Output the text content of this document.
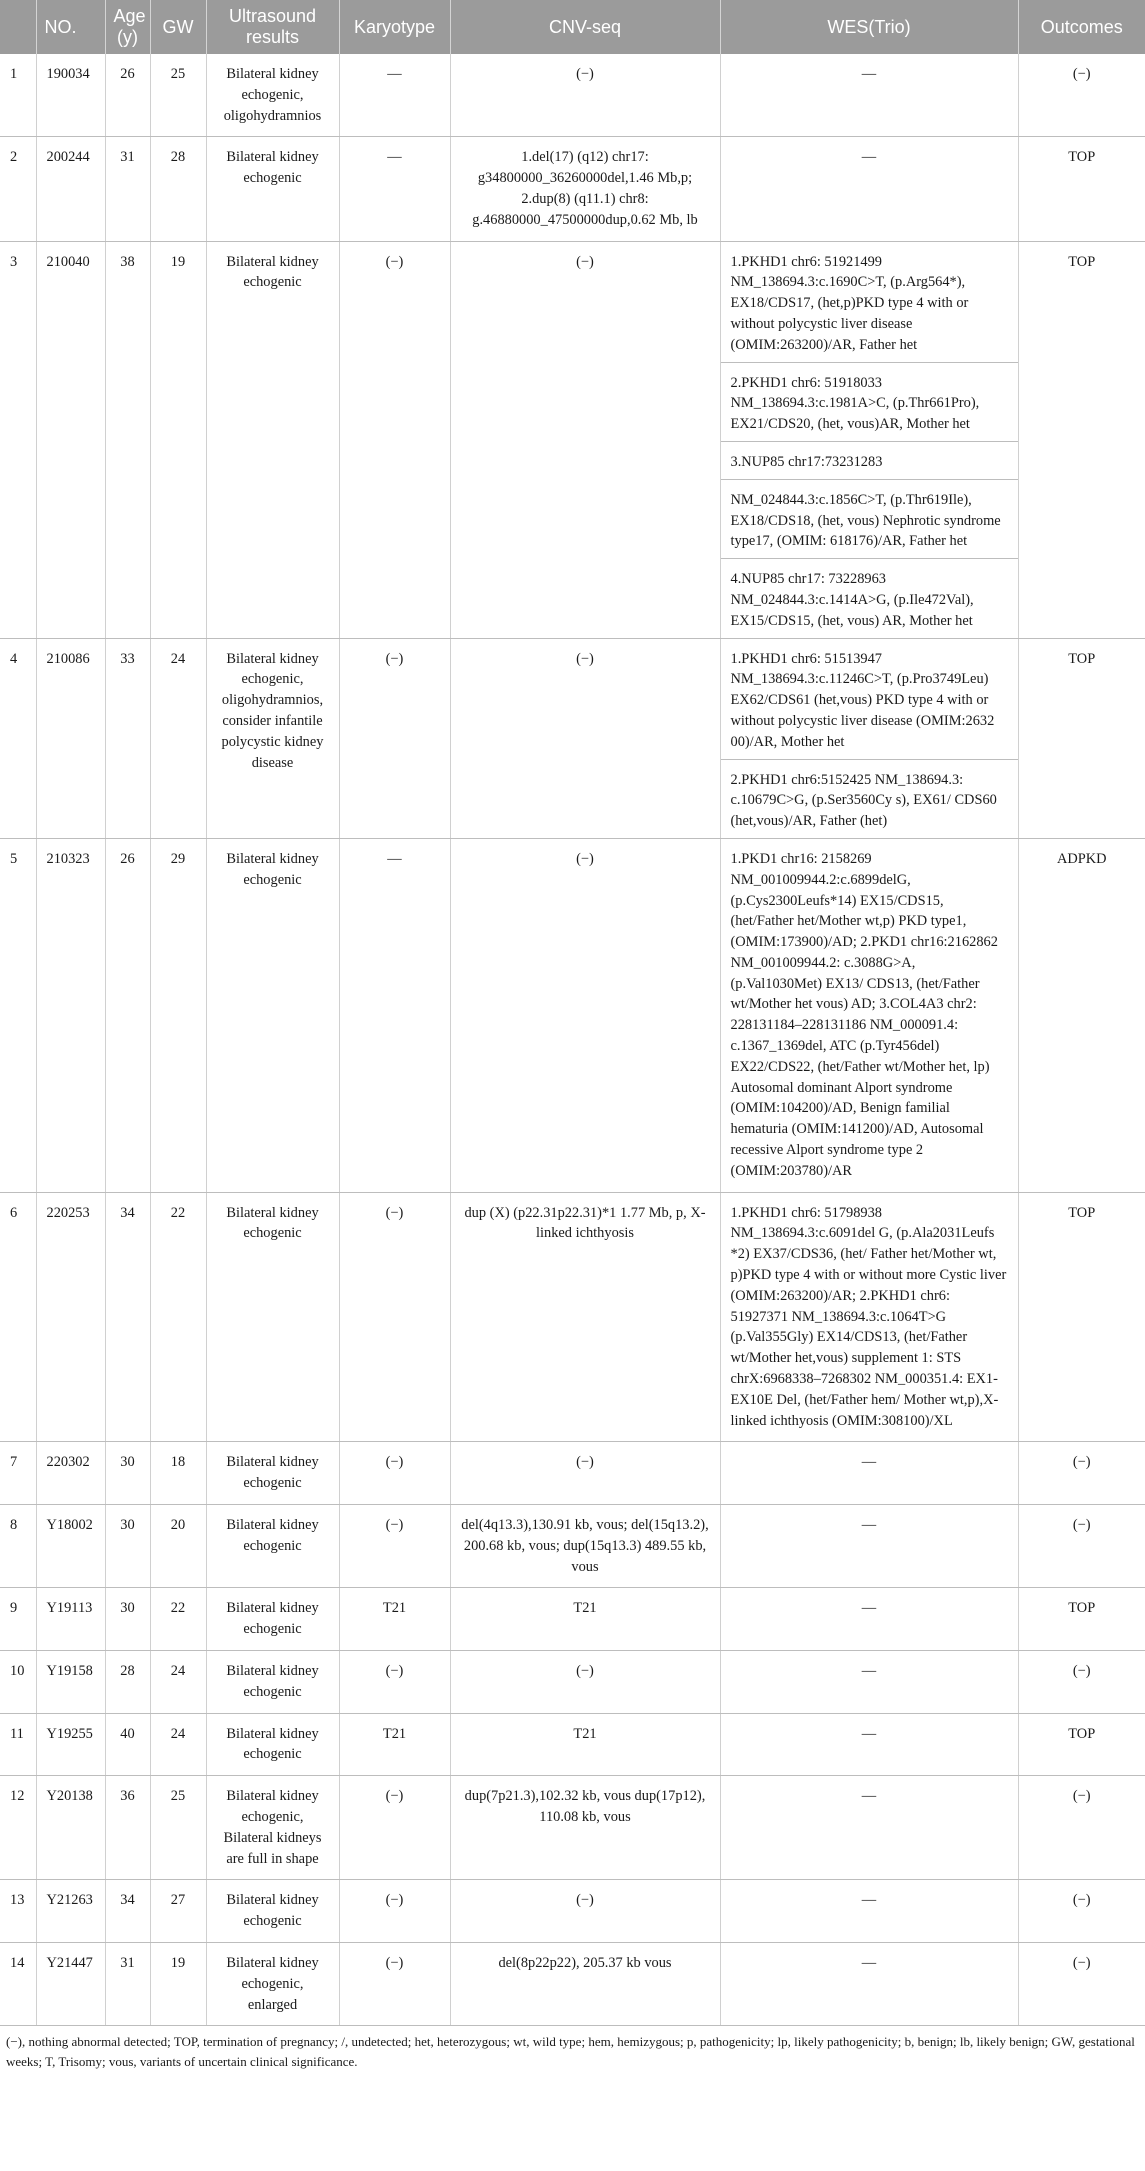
	NO.	Age (y)	GW	Ultrasound results	Karyotype	CNV-seq	WES(Trio)	Outcomes
1	190034	26	25	Bilateral kidney echogenic, oligohydramnios	—	(−)	—	(−)
2	200244	31	28	Bilateral kidney echogenic	—	1.del(17) (q12) chr17: g34800000_36260000del,1.46 Mb,p; 2.dup(8) (q11.1) chr8: g.46880000_47500000dup,0.62 Mb, lb	—	TOP
3	210040	38	19	Bilateral kidney echogenic	(−)	(−)	1.PKHD1 chr6: 51921499 NM_138694.3:c.1690C>T, (p.Arg564*), EX18/CDS17, (het,p)PKD type 4 with or without polycystic liver disease (OMIM:263200)/AR, Father het
2.PKHD1 chr6: 51918033 NM_138694.3:c.1981A>C, (p.Thr661Pro), EX21/CDS20, (het, vous)AR, Mother het
3.NUP85 chr17:73231283
NM_024844.3:c.1856C>T, (p.Thr619Ile), EX18/CDS18, (het, vous) Nephrotic syndrome type17, (OMIM: 618176)/AR, Father het
4.NUP85 chr17: 73228963 NM_024844.3:c.1414A>G, (p.Ile472Val), EX15/CDS15, (het, vous) AR, Mother het	TOP
4	210086	33	24	Bilateral kidney echogenic, oligohydramnios, consider infantile polycystic kidney disease	(−)	(−)	1.PKHD1 chr6: 51513947 NM_138694.3:c.11246C>T, (p.Pro3749Leu) EX62/CDS61 (het,vous) PKD type 4 with or without polycystic liver disease (OMIM:2632 00)/AR, Mother het
2.PKHD1 chr6:5152425 NM_138694.3: c.10679C>G, (p.Ser3560Cy s), EX61/ CDS60 (het,vous)/AR, Father (het)	TOP
5	210323	26	29	Bilateral kidney echogenic	—	(−)	1.PKD1 chr16: 2158269 NM_001009944.2:c.6899delG, (p.Cys2300Leufs*14) EX15/CDS15, (het/Father het/Mother wt,p) PKD type1, (OMIM:173900)/AD; 2.PKD1 chr16:2162862 NM_001009944.2: c.3088G>A, (p.Val1030Met) EX13/ CDS13, (het/Father wt/Mother het vous) AD; 3.COL4A3 chr2: 228131184–228131186 NM_000091.4: c.1367_1369del, ATC (p.Tyr456del) EX22/CDS22, (het/Father wt/Mother het, lp) Autosomal dominant Alport syndrome (OMIM:104200)/AD, Benign familial hematuria (OMIM:141200)/AD, Autosomal recessive Alport syndrome type 2 (OMIM:203780)/AR	ADPKD
6	220253	34	22	Bilateral kidney echogenic	(−)	dup (X) (p22.31p22.31)*1 1.77 Mb, p, X-linked ichthyosis	1.PKHD1 chr6: 51798938 NM_138694.3:c.6091del G, (p.Ala2031Leufs *2) EX37/CDS36, (het/ Father het/Mother wt, p)PKD type 4 with or without more Cystic liver (OMIM:263200)/AR; 2.PKHD1 chr6: 51927371 NM_138694.3:c.1064T>G (p.Val355Gly) EX14/CDS13, (het/Father wt/Mother het,vous) supplement 1: STS chrX:6968338–7268302 NM_000351.4: EX1-EX10E Del, (het/Father hem/ Mother wt,p),X-linked ichthyosis (OMIM:308100)/XL	TOP
7	220302	30	18	Bilateral kidney echogenic	(−)	(−)	—	(−)
8	Y18002	30	20	Bilateral kidney echogenic	(−)	del(4q13.3),130.91 kb, vous; del(15q13.2), 200.68 kb, vous; dup(15q13.3) 489.55 kb, vous	—	(−)
9	Y19113	30	22	Bilateral kidney echogenic	T21	T21	—	TOP
10	Y19158	28	24	Bilateral kidney echogenic	(−)	(−)	—	(−)
11	Y19255	40	24	Bilateral kidney echogenic	T21	T21	—	TOP
12	Y20138	36	25	Bilateral kidney echogenic, Bilateral kidneys are full in shape	(−)	dup(7p21.3),102.32 kb, vous dup(17p12), 110.08 kb, vous	—	(−)
13	Y21263	34	27	Bilateral kidney echogenic	(−)	(−)	—	(−)
14	Y21447	31	19	Bilateral kidney echogenic, enlarged	(−)	del(8p22p22), 205.37 kb vous	—	(−)
(−), nothing abnormal detected; TOP, termination of pregnancy; /, undetected; het, heterozygous; wt, wild type; hem, hemizygous; p, pathogenicity; lp, likely pathogenicity; b, benign; lb, likely benign; GW, gestational weeks; T, Trisomy; vous, variants of uncertain clinical significance.								
